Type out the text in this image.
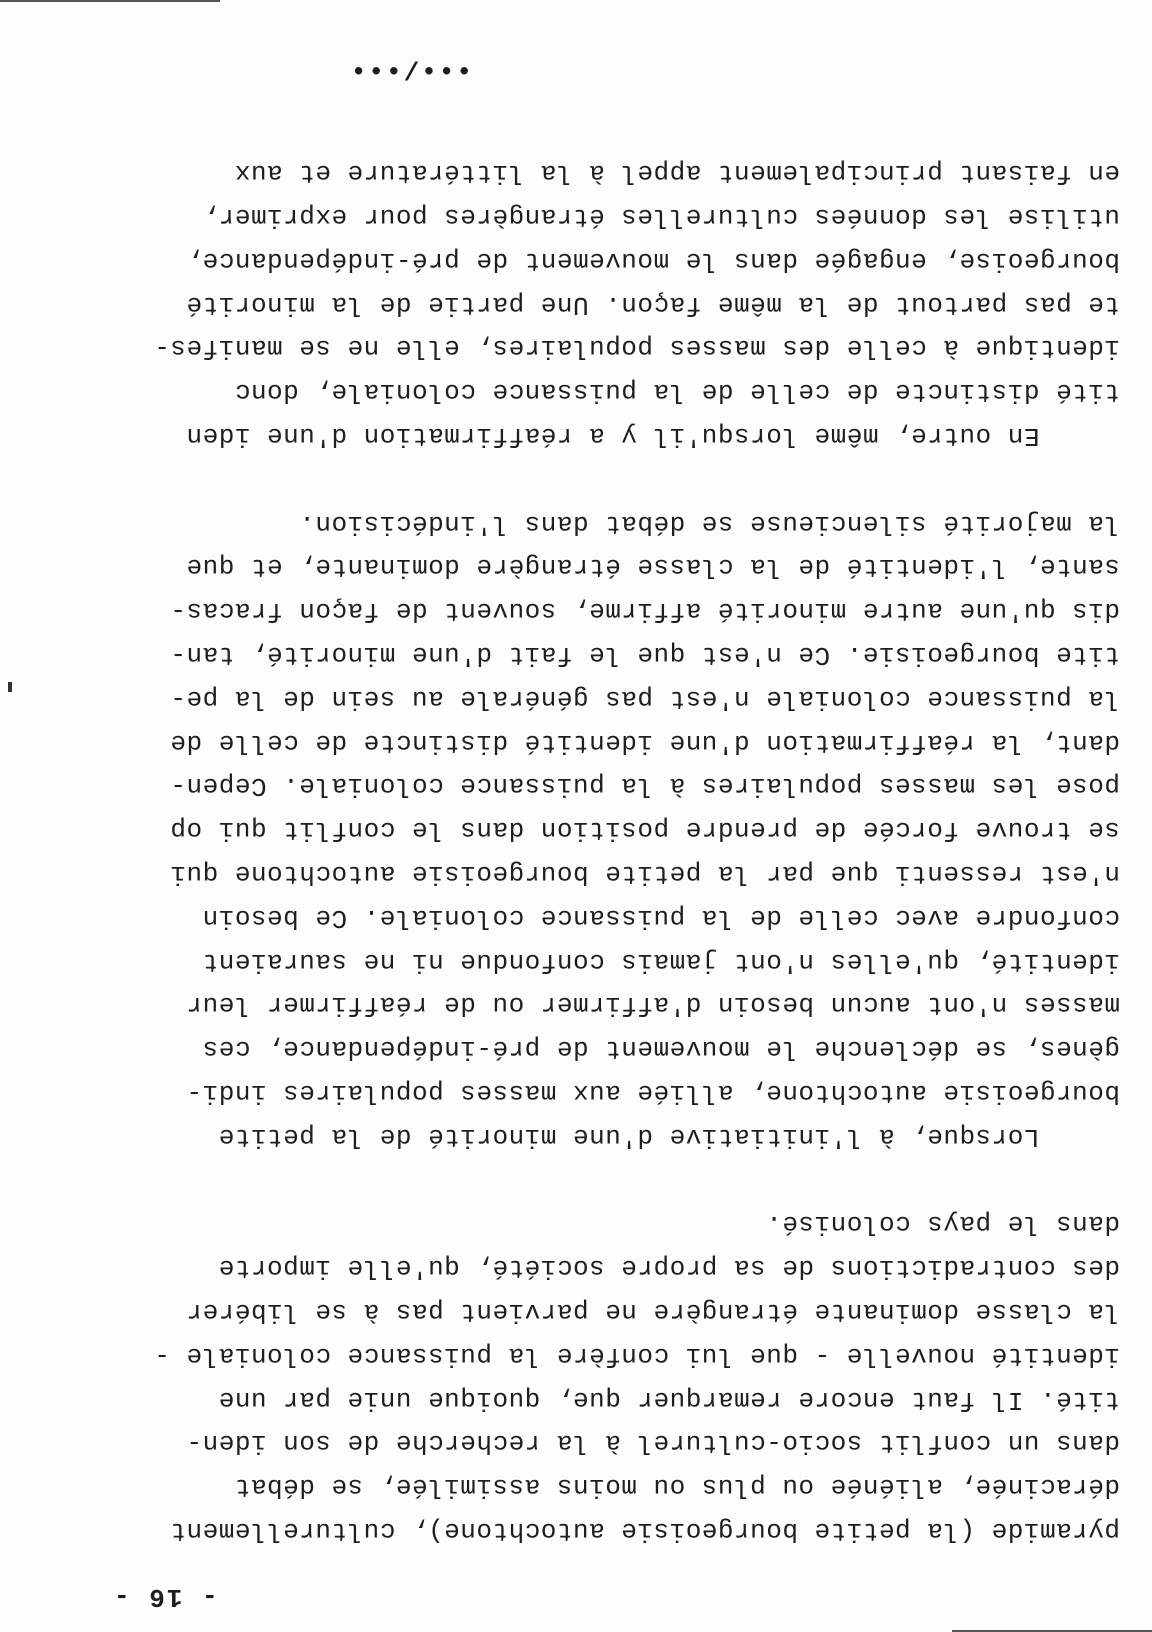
- 16 -
pyramide (la petite bourgeoisie autochtone), culturellement
déracinée, aliénée ou plus ou moins assimilée, se débat
dans un conflit socio-culturel à la recherche de son iden-
tité. Il faut encore remarquer que, quoique unie par une
identité nouvelle - que lui confère la puissance coloniale -
la classe dominante étrangère ne parvient pas à se libérer
des contradictions de sa propre société, qu'elle importe
dans le pays colonisé.
Lorsque, à l'initiative d'une minorité de la petite
bourgeoisie autochtone, alliée aux masses populaires indi-
gènes, se déclenche le mouvement de pré-indépendance, ces
masses n'ont aucun besoin d'affirmer ou de réaffirmer leur
identité, qu'elles n'ont jamais confondue ni ne sauraient
confondre avec celle de la puissance coloniale. Ce besoin
n'est ressenti que par la petite bourgeoisie autochtone qui
se trouve forcée de prendre position dans le conflit qui op
pose les masses populaires à la puissance coloniale. Cepen-
dant, la réaffirmation d'une identité distincte de celle de
la puissance coloniale n'est pas générale au sein de la pe-
tite bourgeoisie. Ce n'est que le fait d'une minorité, tan-
dis qu'une autre minorité affirme, souvent de façon fracas-
sante, l'identité de la classe étrangère dominante, et que
la majorité silencieuse se débat dans l'indécision.
En outre, même lorsqu'il y a réaffirmation d'une iden
tité distincte de celle de la puissance coloniale, donc
identique à celle des masses populaires, elle ne se manifes-
te pas partout de la même façon. Une partie de la minorité
bourgeoise, engagée dans le mouvement de pré-indépendance,
utilise les données culturelles étrangères pour exprimer,
en faisant principalement appel à la littérature et aux
•••/•••
